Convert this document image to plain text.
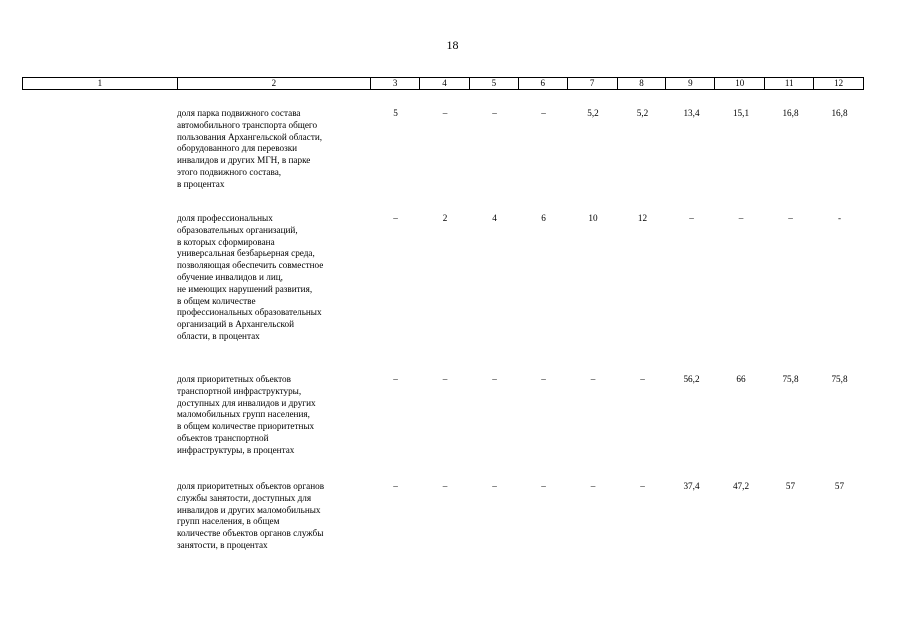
18
1	2	3	4	5	6	7	8	9	10	11	12
доля парка подвижного состава
автомобильного транспорта общего
пользования Архангельской области,
оборудованного для перевозки
инвалидов и других МГН, в парке
этого подвижного состава,
в процентах
5	–	–	–	5,2	5,2	13,4	15,1	16,8	16,8
доля профессиональных
образовательных организаций,
в которых сформирована
универсальная безбарьерная среда,
позволяющая обеспечить совместное
обучение инвалидов и лиц,
не имеющих нарушений развития,
в общем количестве
профессиональных образовательных
организаций в Архангельской
области, в процентах
–	2	4	6	10	12	–	–	–	-
доля приоритетных объектов
транспортной инфраструктуры,
доступных для инвалидов и других
маломобильных групп населения,
в общем количестве приоритетных
объектов транспортной
инфраструктуры, в процентах
–	–	–	–	–	–	56,2	66	75,8	75,8
доля приоритетных объектов органов
службы занятости, доступных для
инвалидов и других маломобильных
групп населения, в общем
количестве объектов органов службы
занятости, в процентах
–	–	–	–	–	–	37,4	47,2	57	57
